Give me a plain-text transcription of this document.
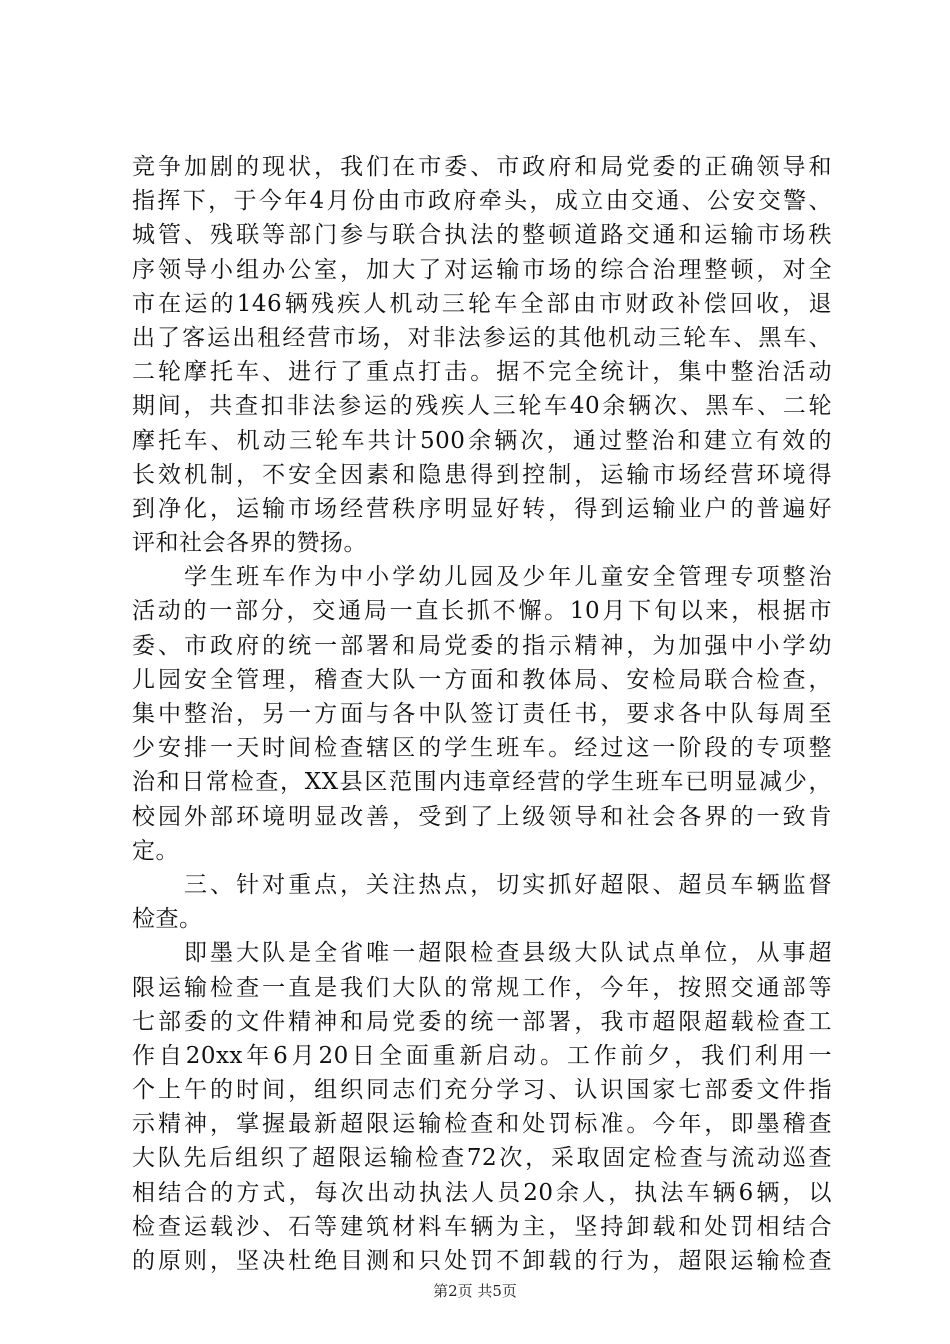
竞争加剧的现状，我们在市委、市政府和局党委的正确领导和
指挥下，于今年4月份由市政府牵头，成立由交通、公安交警、
城管、残联等部门参与联合执法的整顿道路交通和运输市场秩
序领导小组办公室，加大了对运输市场的综合治理整顿，对全
市在运的146辆残疾人机动三轮车全部由市财政补偿回收，退
出了客运出租经营市场，对非法参运的其他机动三轮车、黑车、
二轮摩托车、进行了重点打击。据不完全统计，集中整治活动
期间，共查扣非法参运的残疾人三轮车40余辆次、黑车、二轮
摩托车、机动三轮车共计500余辆次，通过整治和建立有效的
长效机制，不安全因素和隐患得到控制，运输市场经营环境得
到净化，运输市场经营秩序明显好转，得到运输业户的普遍好
评和社会各界的赞扬。
　　学生班车作为中小学幼儿园及少年儿童安全管理专项整治
活动的一部分，交通局一直长抓不懈。10月下旬以来，根据市
委、市政府的统一部署和局党委的指示精神，为加强中小学幼
儿园安全管理，稽查大队一方面和教体局、安检局联合检查，
集中整治，另一方面与各中队签订责任书，要求各中队每周至
少安排一天时间检查辖区的学生班车。经过这一阶段的专项整
治和日常检查，XX县区范围内违章经营的学生班车已明显减少，
校园外部环境明显改善，受到了上级领导和社会各界的一致肯
定。
　　三、针对重点，关注热点，切实抓好超限、超员车辆监督
检查。
　　即墨大队是全省唯一超限检查县级大队试点单位，从事超
限运输检查一直是我们大队的常规工作，今年，按照交通部等
七部委的文件精神和局党委的统一部署，我市超限超载检查工
作自20xx年6月20日全面重新启动。工作前夕，我们利用一
个上午的时间，组织同志们充分学习、认识国家七部委文件指
示精神，掌握最新超限运输检查和处罚标准。今年，即墨稽查
大队先后组织了超限运输检查72次，采取固定检查与流动巡查
相结合的方式，每次出动执法人员20余人，执法车辆6辆，以
检查运载沙、石等建筑材料车辆为主，坚持卸载和处罚相结合
的原则，坚决杜绝目测和只处罚不卸载的行为，超限运输检查
第2页 共5页
